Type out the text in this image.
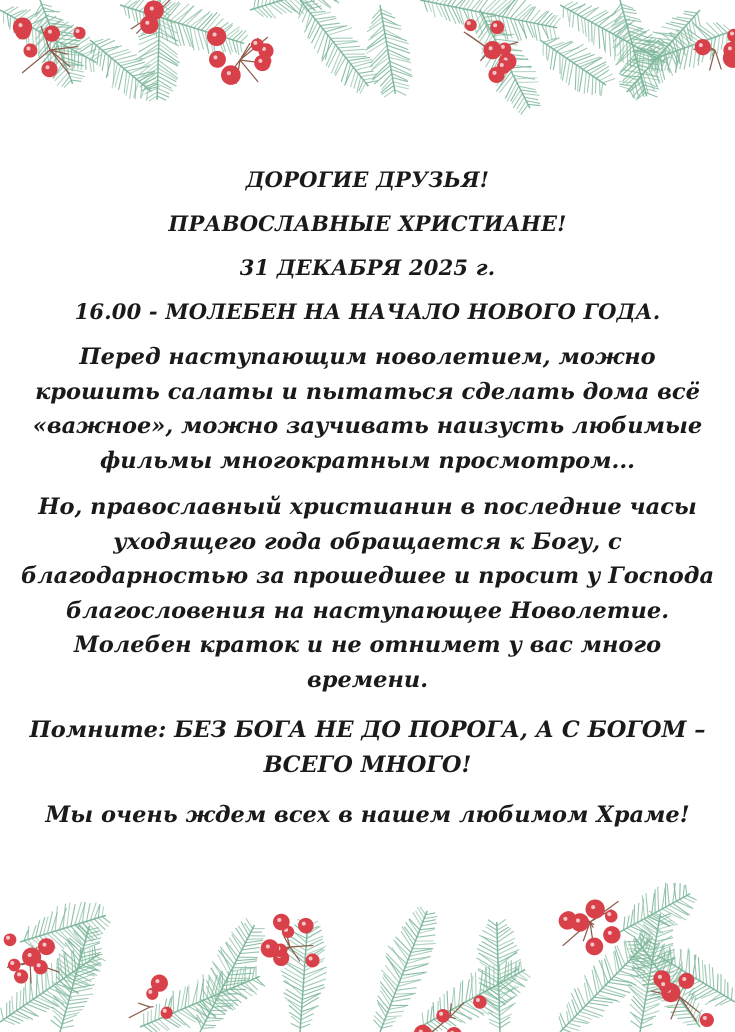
ДОРОГИЕ ДРУЗЬЯ!
ПРАВОСЛАВНЫЕ ХРИСТИАНЕ!
31 ДЕКАБРЯ 2025 г.
16.00 - МОЛЕБЕН НА НАЧАЛО НОВОГО ГОДА.
Перед наступающим новолетием, можно
крошить салаты и пытаться сделать дома всё
«важное», можно заучивать наизусть любимые
фильмы многократным просмотром...
Но, православный христианин в последние часы
уходящего года обращается к Богу, с
благодарностью за прошедшее и просит у Господа
благословения на наступающее Новолетие.
Молебен краток и не отнимет у вас много
времени.
Помните: БЕЗ БОГА НЕ ДО ПОРОГА, А С БОГОМ –
ВСЕГО МНОГО!
Мы очень ждем всех в нашем любимом Храме!
